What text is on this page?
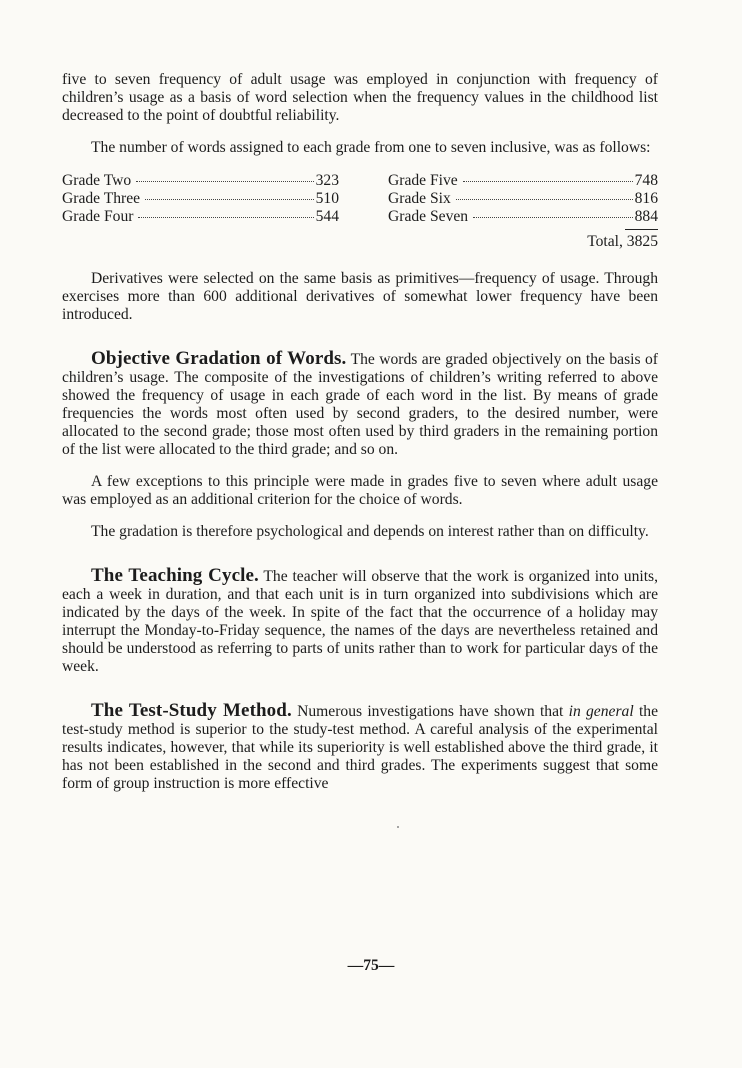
five to seven frequency of adult usage was employed in conjunction with frequency of children’s usage as a basis of word selection when the frequency values in the childhood list decreased to the point of doubtful reliability.

The number of words assigned to each grade from one to seven inclusive, was as follows:

Grade Two	323
Grade Three	510
Grade Four	544
Grade Five	748
Grade Six	816
Grade Seven	884
Total, 3825

Derivatives were selected on the same basis as primitives—frequency of usage. Through exercises more than 600 additional derivatives of somewhat lower frequency have been introduced.

Objective Gradation of Words. The words are graded objectively on the basis of children’s usage. The composite of the investigations of children’s writing referred to above showed the frequency of usage in each grade of each word in the list. By means of grade frequencies the words most often used by second graders, to the desired number, were allocated to the second grade; those most often used by third graders in the remaining portion of the list were allocated to the third grade; and so on.

A few exceptions to this principle were made in grades five to seven where adult usage was employed as an additional criterion for the choice of words.

The gradation is therefore psychological and depends on interest rather than on difficulty.

The Teaching Cycle. The teacher will observe that the work is organized into units, each a week in duration, and that each unit is in turn organized into subdivisions which are indicated by the days of the week. In spite of the fact that the occurrence of a holiday may interrupt the Monday-to-Friday sequence, the names of the days are nevertheless retained and should be understood as referring to parts of units rather than to work for particular days of the week.

The Test-Study Method. Numerous investigations have shown that in general the test-study method is superior to the study-test method. A careful analysis of the experimental results indicates, however, that while its superiority is well established above the third grade, it has not been established in the second and third grades. The experiments suggest that some form of group instruction is more effective

—75—
